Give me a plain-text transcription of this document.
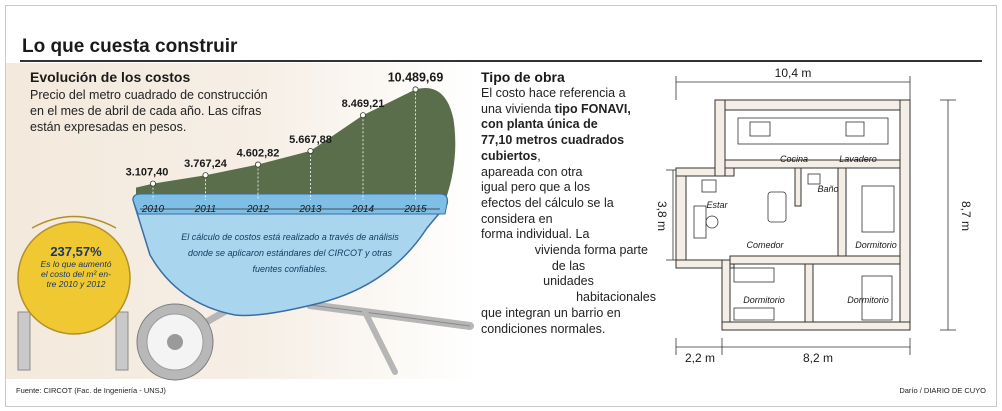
Lo que cuesta construir
Evolución de los costos
Precio del metro cuadrado de construcción en el mes de abril de cada año. Las cifras están expresadas en pesos.
3.107,40
2010
3.767,24
2011
4.602,82
2012
5.667,88
2013
8.469,21
2014
10.489,69
2015
El cálculo de costos está realizado a través de análisis
donde se aplicaron estándares del CIRCOT y otras
fuentes confiables.
237,57%
Es lo que aumentó
el costo del m² en-
tre 2010 y 2012
Tipo de obra
El costo hace referencia a
una vivienda tipo FONAVI,
con planta única de
77,10 metros cuadrados
cubiertos,
apareada con otra
igual pero que a los
efectos del cálculo se la
considera en
forma individual. La
vivienda forma parte
de las
unidades
habitacionales
que integran un barrio en
condiciones normales.
10,4 m
3,8 m	8,7 m
2,2 m	8,2 m
Cocina	Lavadero
Baño
Estar
Comedor	Dormitorio
Dormitorio	Dormitorio
Fuente: CIRCOT (Fac. de Ingeniería - UNSJ)	Darío / DIARIO DE CUYO
